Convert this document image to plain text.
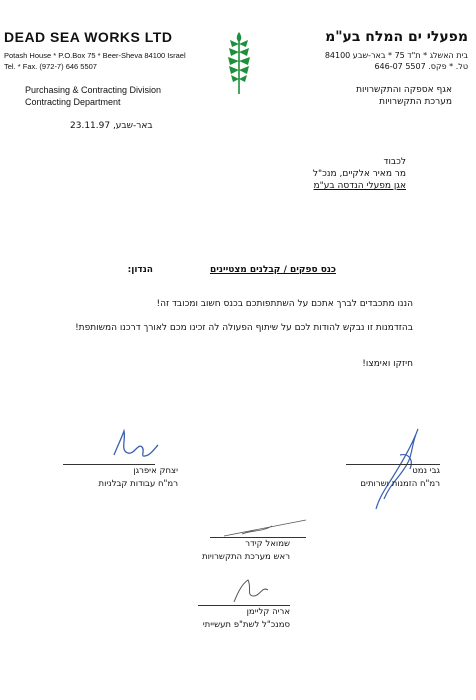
DEAD SEA WORKS LTD
Potash House * P.O.Box 75 * Beer-Sheva 84100 Israel
Tel. * Fax. (972-7) 646 5507
Purchasing & Contracting Division
Contracting Department
מפעלי ים המלח בע"מ
בית האשלג * ת"ד 75 * באר-שבע 84100
טל. * פקס. 5507 646-07
אגף אספקה והתקשרויות
מערכת התקשרויות
באר-שבע, 23.11.97
לכבוד
מר מאיר אלקיים, מנכ"ל
אגן מפעלי הנדסה בע"מ
הנדון:	כנס ספקים / קבלנים מצטיינים
הננו מתכבדים לברך אתכם על השתתפותכם בכנס חשוב ומכובד זה!
בהזדמנות זו נבקש להודות לכם על שיתוף הפעולה לה זכינו מכם לאורך דרכנו המשותפת!
חיזקו ואימצו!
יצחק איפרגן
רמ"ח עבודות קבלניות
גבי נמט
רמ"ח הזמנות ושרותים
שמואל קידר
ראש מערכת התקשרויות
אריה קליימן
סמנכ"ל לשת"פ תעשייתי
